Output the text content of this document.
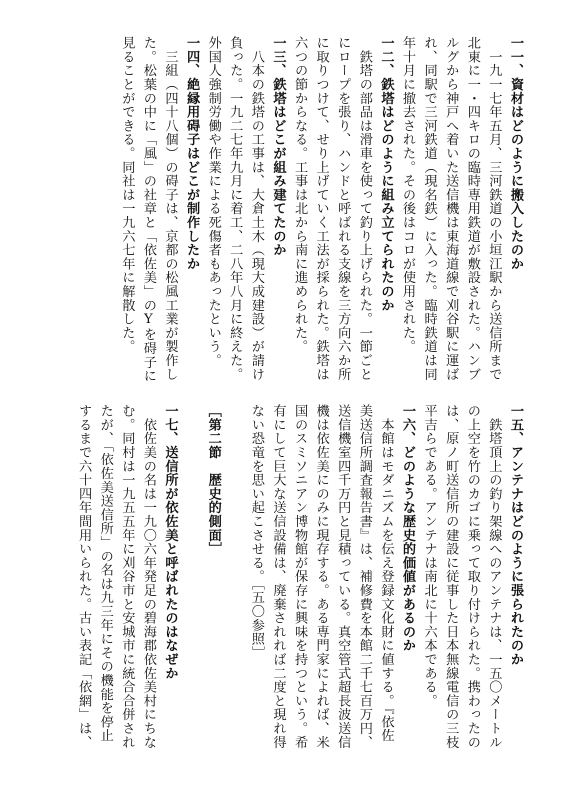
一一、資材はどのように搬入したのか
　一九一七年五月、三河鉄道の小垣江駅から送信所まで
北東に一・四キロの臨時専用鉄道が敷設された。ハンブ
ルグから神戸へ着いた送信機は東海道線で刈谷駅に運ば
れ、同駅で三河鉄道（現名鉄）に入った。臨時鉄道は同
年十月に撤去された。その後はコロが使用された。
一二、鉄塔はどのように組み立てられたのか
　鉄塔の部品は滑車を使って釣り上げられた。一節ごと
にロープを張り、ハンドと呼ばれる支線を三方向六か所
に取りつけて、せり上げていく工法が採られた。鉄塔は
六つの節からなる。工事は北から南に進められた。
一三、鉄塔はどこが組み建てたのか
　八本の鉄塔の工事は、大倉土木（現大成建設）が請け
負った。一九二七年九月に着工、二八年八月に終えた。
外国人強制労働や作業による死傷者もあったという。
一四、絶縁用碍子はどこが制作したか
　三組（四十八個）の碍子は、京都の松風工業が製作し
た。松葉の中に「風」の社章と「依佐美」のYを碍子に
見ることができる。同社は一九六七年に解散した。
一五、アンテナはどのように張られたのか
　鉄塔頂上の釣り架線へのアンテナは、一五〇メートル
の上空を竹のカゴに乗って取り付けられた。携わったの
は、原ノ町送信所の建設に従事した日本無線電信の三枝
平吉らである。アンテナは南北に十六本である。
一六、どのような歴史的価値があるのか
　本館はモダニズムを伝え登録文化財に値する。『依佐
美送信所調査報告書』は、補修費を本館二千七百万円、
送信機室四千万円と見積っている。真空管式超長波送信
機は依佐美にのみに現存する。ある専門家によれば、米
国のスミソニアン博物館が保存に興味を持つという。希
有にして巨大な送信設備は、廃棄されれば二度と現れ得
ない恐竜を思い起こさせる。［五〇参照］

［第二節　歴史的側面］

一七、送信所が依佐美と呼ばれたのはなぜか
　依佐美の名は一九〇六年発足の碧海郡依佐美村にちな
む。同村は一九五五年に刈谷市と安城市に統合合併され
たが、「依佐美送信所」の名は九三年にその機能を停止
するまで六十四年間用いられた。古い表記「依網」は、
